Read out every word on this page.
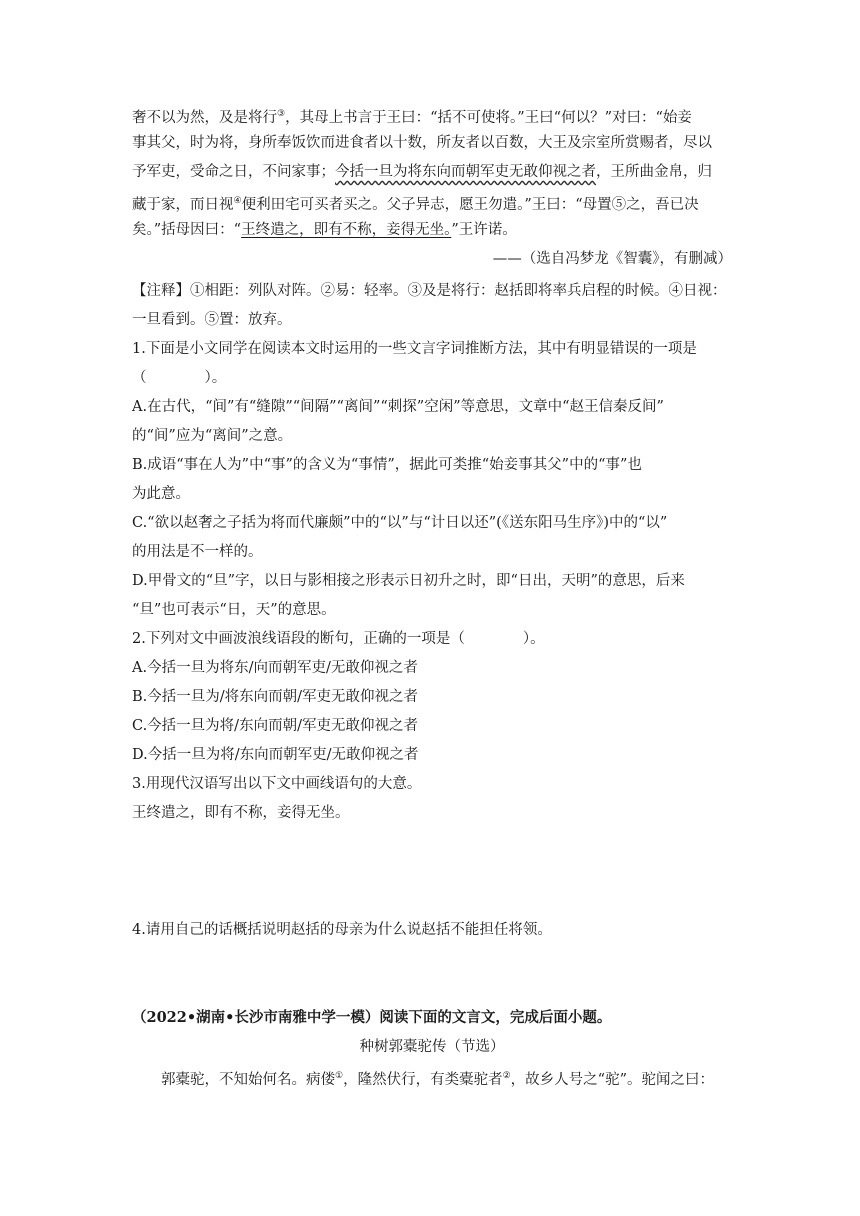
奢不以为然，及是将行③，其母上书言于王曰：“括不可使将。”王曰“何以？”对曰：“始妾
事其父，时为将，身所奉饭饮而进食者以十数，所友者以百数，大王及宗室所赏赐者，尽以
予军吏，受命之日，不问家事；今括一旦为将东向而朝军吏无敢仰视之者，王所曲金帛，归
藏于家，而日视④便利田宅可买者买之。父子异志，愿王勿遣。”王曰：“母置⑤之，吾已决
矣。”括母因曰：“王终遣之，即有不称，妾得无坐。”王许诺。
——（选自冯梦龙《智囊》，有删减）
【注释】①相距：列队对阵。②易：轻率。③及是将行：赵括即将率兵启程的时候。④日视：
一旦看到。⑤置：放弃。
1.下面是小文同学在阅读本文时运用的一些文言字词推断方法，其中有明显错误的一项是
（　　　　）。
A.在古代，“间”有“缝隙”“间隔”“离间”“刺探”空闲”等意思，文章中“赵王信秦反间”
的“间”应为“离间”之意。
B.成语“事在人为”中“事”的含义为“事情”，据此可类推“始妾事其父”中的“事”也
为此意。
C.“欲以赵奢之子括为将而代廉颇”中的“以”与“计日以还”(《送东阳马生序》)中的“以”
的用法是不一样的。
D.甲骨文的“旦”字，以日与影相接之形表示日初升之时，即“日出，天明”的意思，后来
“旦”也可表示“日，天”的意思。
2.下列对文中画波浪线语段的断句，正确的一项是（　　　　）。
A.今括一旦为将东/向而朝军吏/无敢仰视之者
B.今括一旦为/将东向而朝/军吏无敢仰视之者
C.今括一旦为将/东向而朝/军吏无敢仰视之者
D.今括一旦为将/东向而朝军吏/无敢仰视之者
3.用现代汉语写出以下文中画线语句的大意。
王终遣之，即有不称，妾得无坐。
4.请用自己的话概括说明赵括的母亲为什么说赵括不能担任将领。
（2022•湖南•长沙市南雅中学一模）阅读下面的文言文，完成后面小题。
种树郭橐驼传（节选）
郭橐驼，不知始何名。病偻①，隆然伏行，有类橐驼者②，故乡人号之“驼”。驼闻之曰：
